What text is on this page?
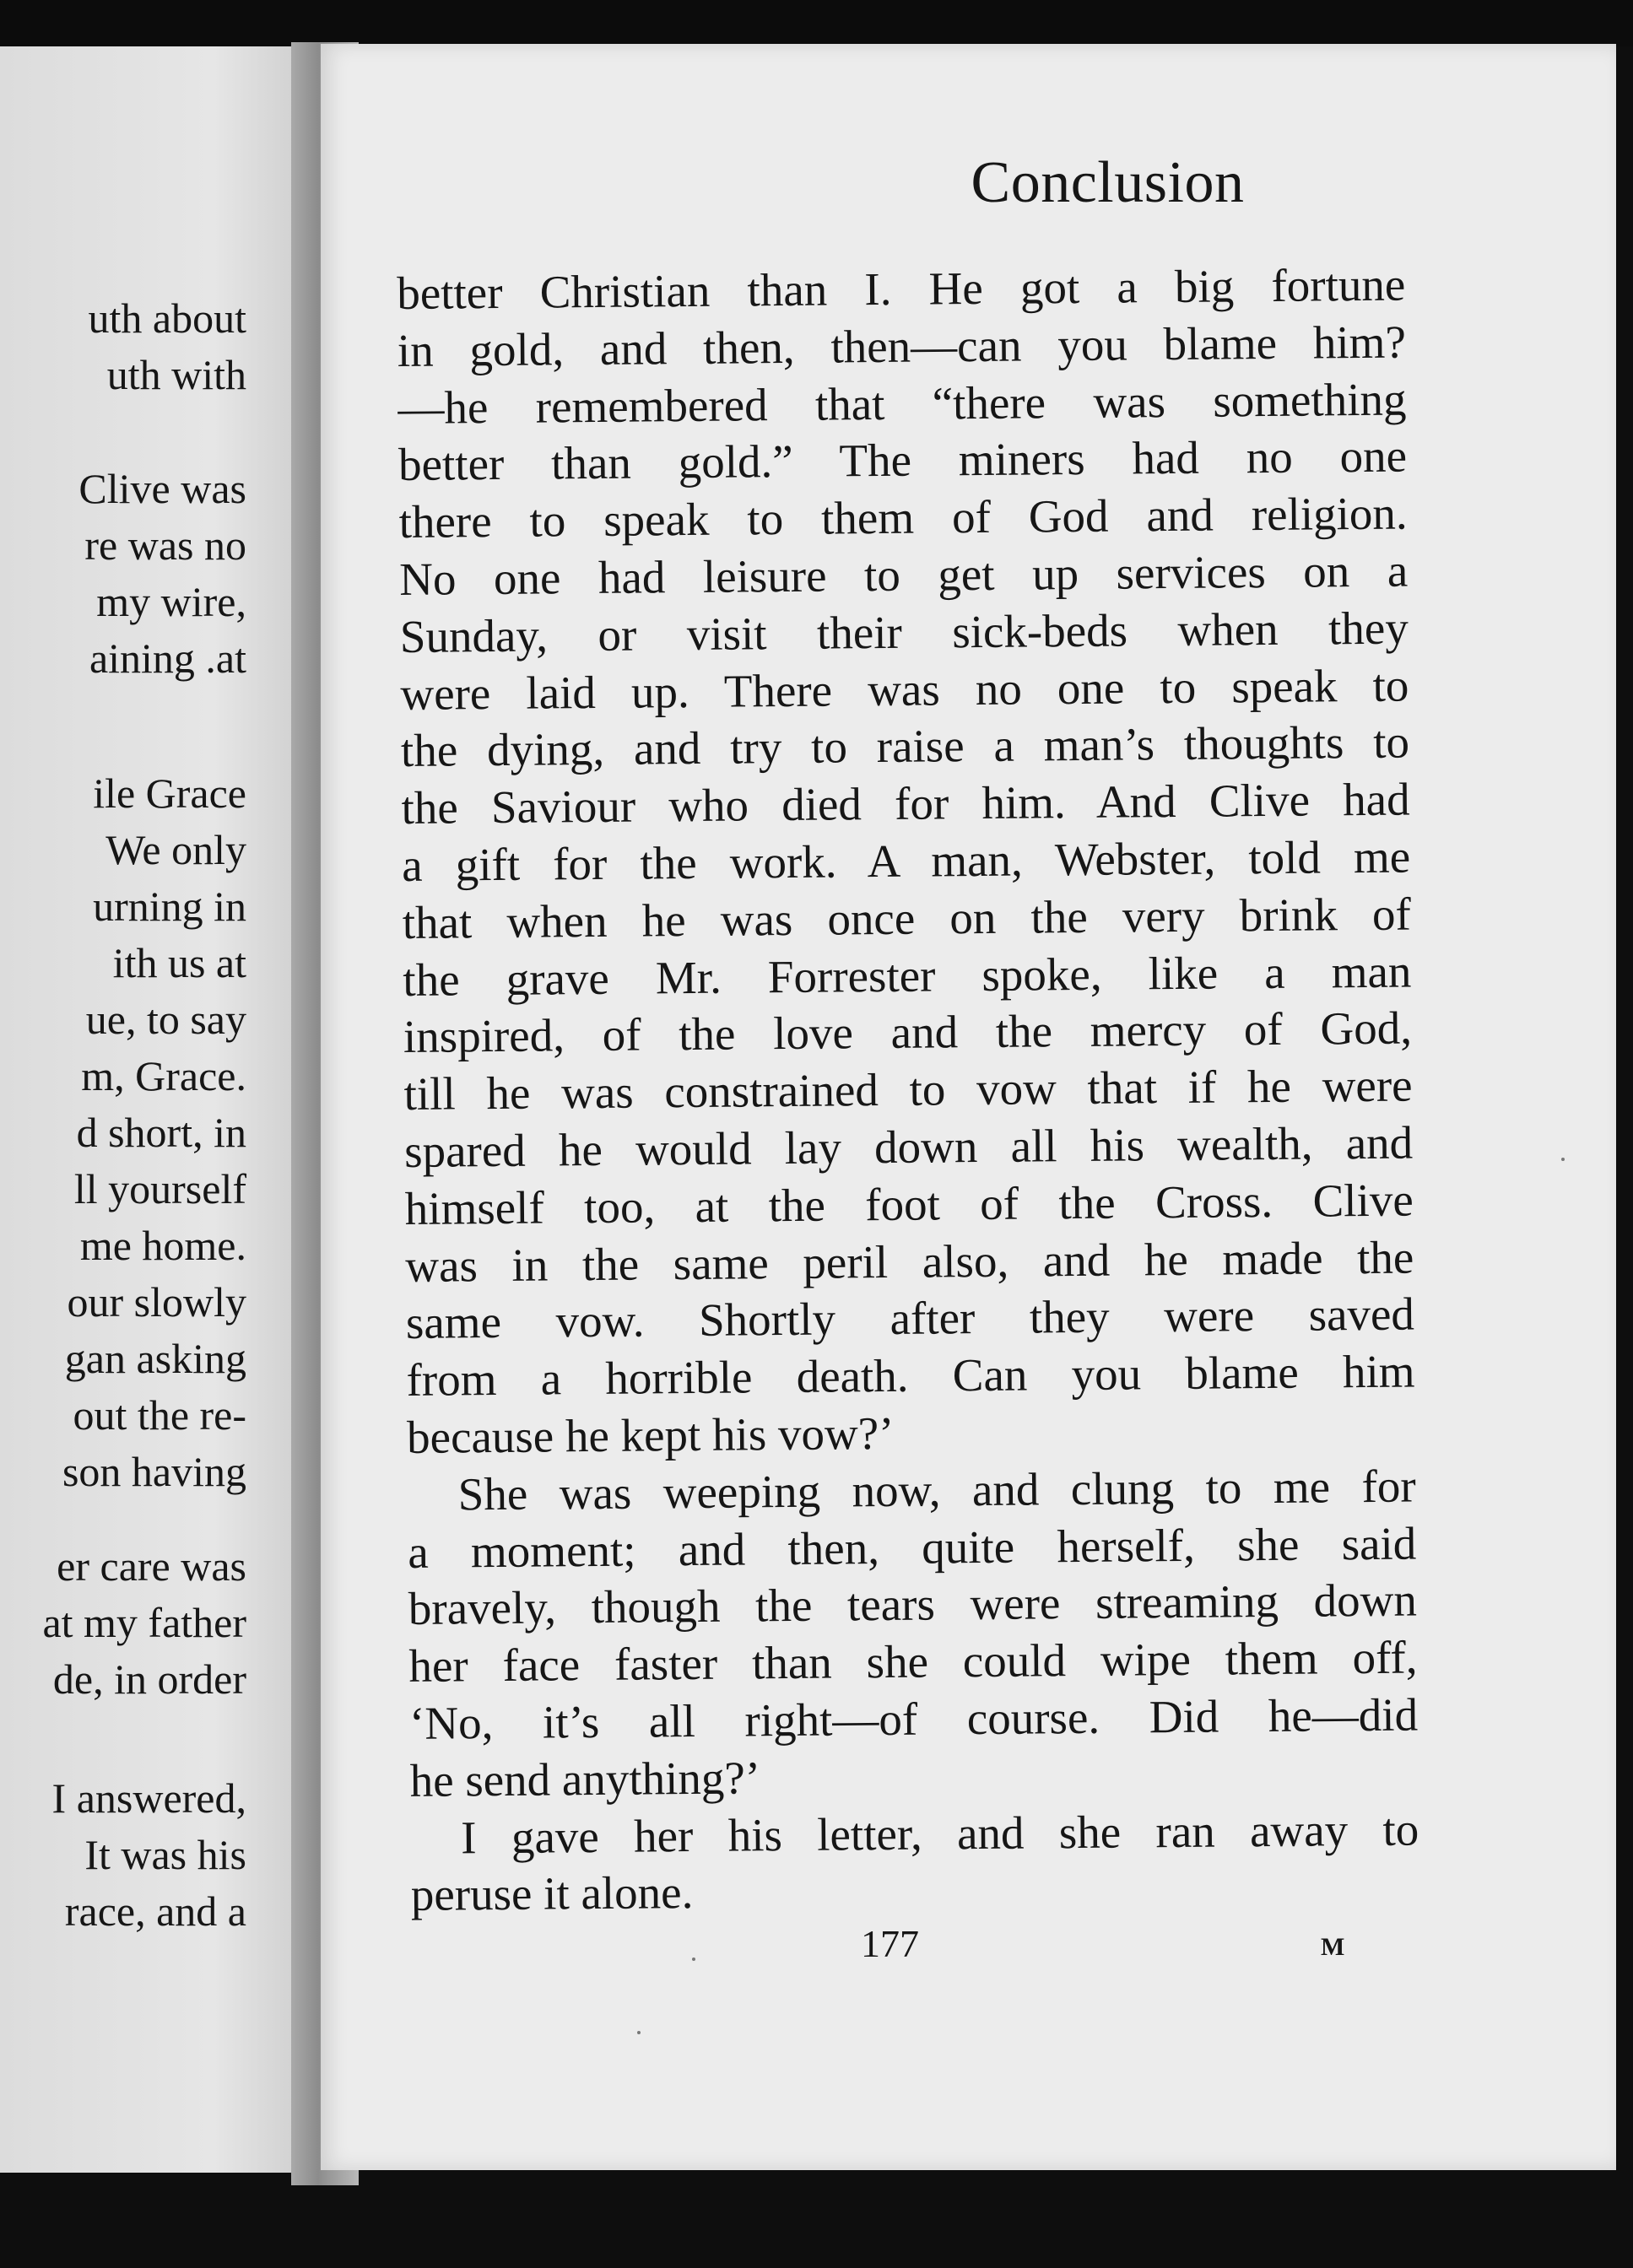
uth about
uth with
Clive was
re was no
my wire,
aining .at
ile Grace
We only
urning in
ith us at
ue, to say
m, Grace.
d short, in
ll yourself
me home.
our slowly
gan asking
out the re-
son having
er care was
at my father
de, in order
I answered,
It was his
race, and a
Conclusion
better Christian than I. He got a big fortune
in gold, and then, then—can you blame him?
—he remembered that “there was something
better than gold.” The miners had no one
there to speak to them of God and religion.
No one had leisure to get up services on a
Sunday, or visit their sick-beds when they
were laid up. There was no one to speak to
the dying, and try to raise a man’s thoughts to
the Saviour who died for him. And Clive had
a gift for the work. A man, Webster, told me
that when he was once on the very brink of
the grave Mr. Forrester spoke, like a man
inspired, of the love and the mercy of God,
till he was constrained to vow that if he were
spared he would lay down all his wealth, and
himself too, at the foot of the Cross. Clive
was in the same peril also, and he made the
same vow. Shortly after they were saved
from a horrible death. Can you blame him
because he kept his vow?’
She was weeping now, and clung to me for
a moment; and then, quite herself, she said
bravely, though the tears were streaming down
her face faster than she could wipe them off,
‘No, it’s all right—of course. Did he—did
he send anything?’
I gave her his letter, and she ran away to
peruse it alone.
177	M
